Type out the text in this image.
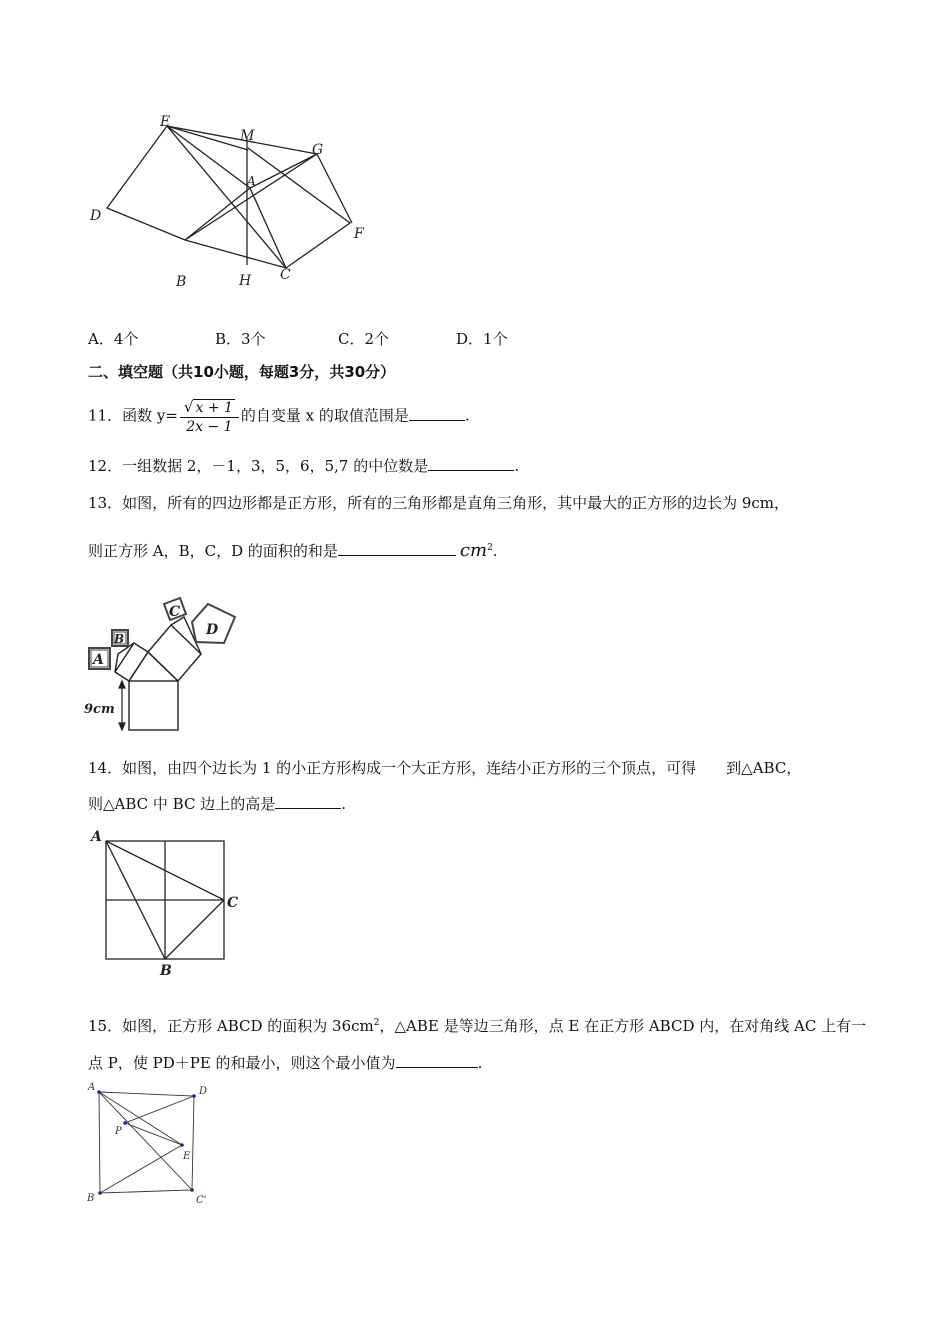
E
M
G
A
D
F
B	H C
A．4个	B．3个	C．2个	D．1个
二、填空题（共10小题，每题3分，共30分）
11．函数 $y= \frac{√ x + 1}{2x - 1}$ 的自变量 x 的取值范围是	.
12．一组数据 2，－1，3，5，6，5,7 的中位数是	.
13．如图，所有的四边形都是正方形，所有的三角形都是直角三角形，其中最大的正方形的边长为 9cm，
则正方形 A，B，C，D 的面积的和是	$cm^2$.
A
B
C
D
9cm
14．如图，由四个边长为 1 的小正方形构成一个大正方形，连结小正方形的三个顶点，可得　　到△ABC，
则△ABC 中 BC 边上的高是	.
A
B
C
15．如图，正方形 ABCD 的面积为 $36cm^2$，△ABE 是等边三角形，点 E 在正方形 ABCD 内，在对角线 AC 上有一
点 P，使 PD＋PE 的和最小，则这个最小值为	.
A	D
P
E
B	C'
